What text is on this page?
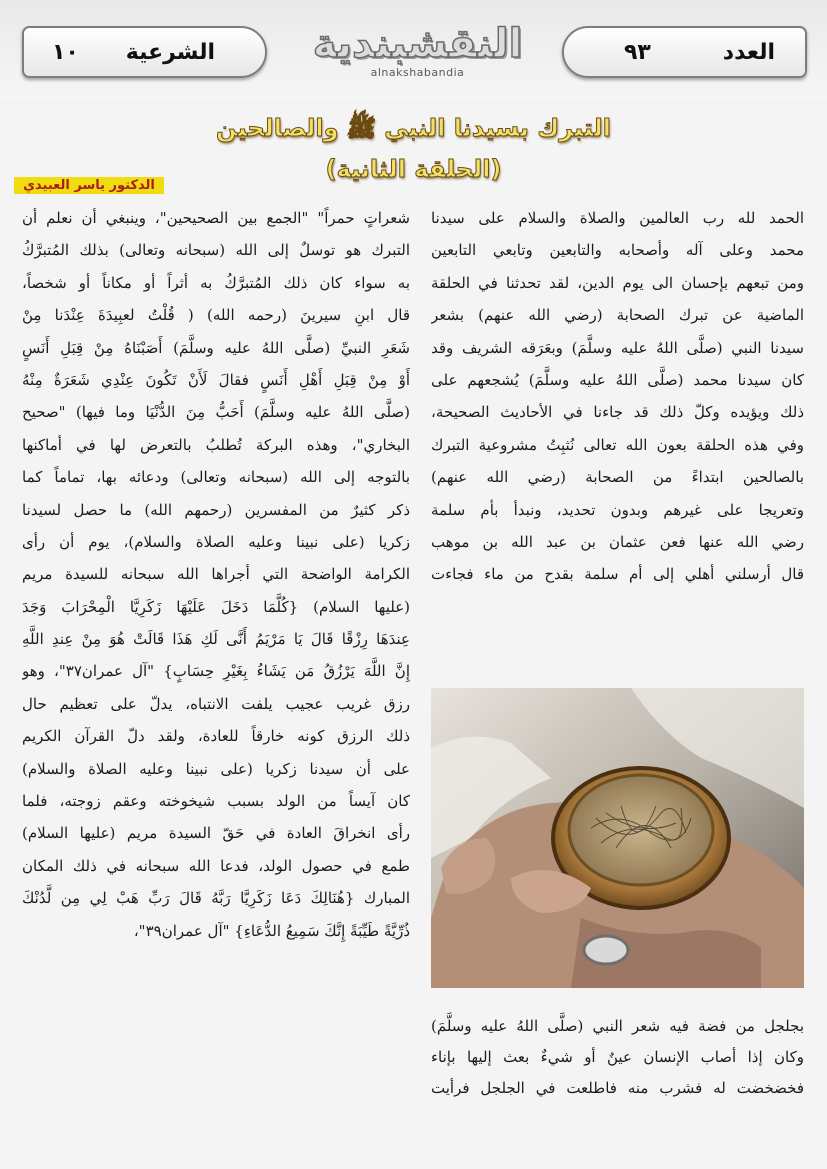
الشرعية
١٠	النقشبندية
alnakshabandia
العدد
٩٣
التبرك بسيدنا النبي ﷺ والصالحين
(الحلقة الثانية)
الدكتور ياسر العبيدي
الحمد لله رب العالمين والصلاة والسلام على سيدنا
محمد وعلى آله وأصحابه والتابعين وتابعي التابعين
ومن تبعهم بإحسان الى يوم الدين، لقد تحدثنا في الحلقة
الماضية عن تبرك الصحابة (رضي الله عنهم) بشعر
سيدنا النبي (صلَّى اللهُ عليه وسلَّمَ) وبعَرَقه الشريف وقد
كان سيدنا محمد (صلَّى اللهُ عليه وسلَّمَ) يُشجعهم على
ذلك ويؤيده وكلّ ذلك قد جاءنا في الأحاديث الصحيحة،
وفي هذه الحلقة بعون الله تعالى نُثبِتُ مشروعية التبرك
بالصالحين ابتداءً من الصحابة (رضي الله عنهم)
وتعريجا على غيرهم وبدون تحديد، ونبدأ بأم سلمة
رضي الله عنها فعن عثمان بن عبد الله بن موهب
قال أرسلني أهلي إلى أم سلمة بقدح من ماء فجاءت
بجلجل من فضة فيه شعر النبي (صلَّى اللهُ عليه وسلَّمَ)
وكان إذا أصاب الإنسان عينٌ أو شيءٌ بعث إليها بإناء
فخضخضت له فشرب منه فاطلعت في الجلجل فرأيت
شعراتٍ حمراً" "الجمع بين الصحيحين"، وينبغي أن نعلم أن
التبرك هو توسلٌ إلى الله (سبحانه وتعالى) بذلك المُتبرَّكُ
به سواء كان ذلك المُتبرَّكُ به أثراً أو مكاناً أو شخصاً،
قال ابنِ سيرينَ (رحمه الله) ( قُلْتُ لعبِيدَةَ عِنْدَنا مِنْ
شَعَرِ النبيِّ (صلَّى اللهُ عليه وسلَّمَ) أَصَبْنَاهُ مِنْ قِبَلِ أَنَسٍ
أَوْ مِنْ قِبَلِ أَهْلِ أَنَسٍ فقالَ لَأَنْ تَكُونَ عِنْدِي شَعَرَةٌ مِنْهُ
(صلَّى اللهُ عليه وسلَّمَ) أَحَبُّ مِنَ الدُّنْيَا وما فيها) "صحيح
البخاري"، وهذه البركة تُطلبُ بالتعرض لها في أماكنها
بالتوجه إلى الله (سبحانه وتعالى) ودعائه بها، تماماً كما
ذكر كثيرٌ من المفسرين (رحمهم الله) ما حصل لسيدنا
زكريا (على نبينا وعليه الصلاة والسلام)، يوم أن رأى
الكرامة الواضحة التي أجراها الله سبحانه للسيدة مريم
(عليها السلام) {كُلَّمَا دَخَلَ عَلَيْهَا زَكَرِيَّا الْمِحْرَابَ وَجَدَ
عِندَهَا رِزْقًا قَالَ يَا مَرْيَمُ أَنَّى لَكِ هَذَا قَالَتْ هُوَ مِنْ عِندِ اللَّهِ
إِنَّ اللَّهَ يَرْزُقُ مَن يَشَاءُ بِغَيْرِ حِسَابٍ} "آل عمران٣٧"، وهو
رزق غريب عجيب يلفت الانتباه، يدلّ على تعظيم حال
ذلك الرزق كونه خارقاً للعادة، ولقد دلّ القرآن الكريم
على أن سيدنا زكريا (على نبينا وعليه الصلاة والسلام)
كان آيساً من الولد بسبب شيخوخته وعقم زوجته، فلما
رأى انخراقَ العادة في حَقّ السيدة مريم (عليها السلام)
طمع في حصول الولد، فدعا الله سبحانه في ذلك المكان
المبارك {هُنَالِكَ دَعَا زَكَرِيَّا رَبَّهُ قَالَ رَبِّ هَبْ لِي مِن لَّدُنْكَ
ذُرِّيَّةً طَيِّبَةً إِنَّكَ سَمِيعُ الدُّعَاءِ} "آل عمران٣٩"،
